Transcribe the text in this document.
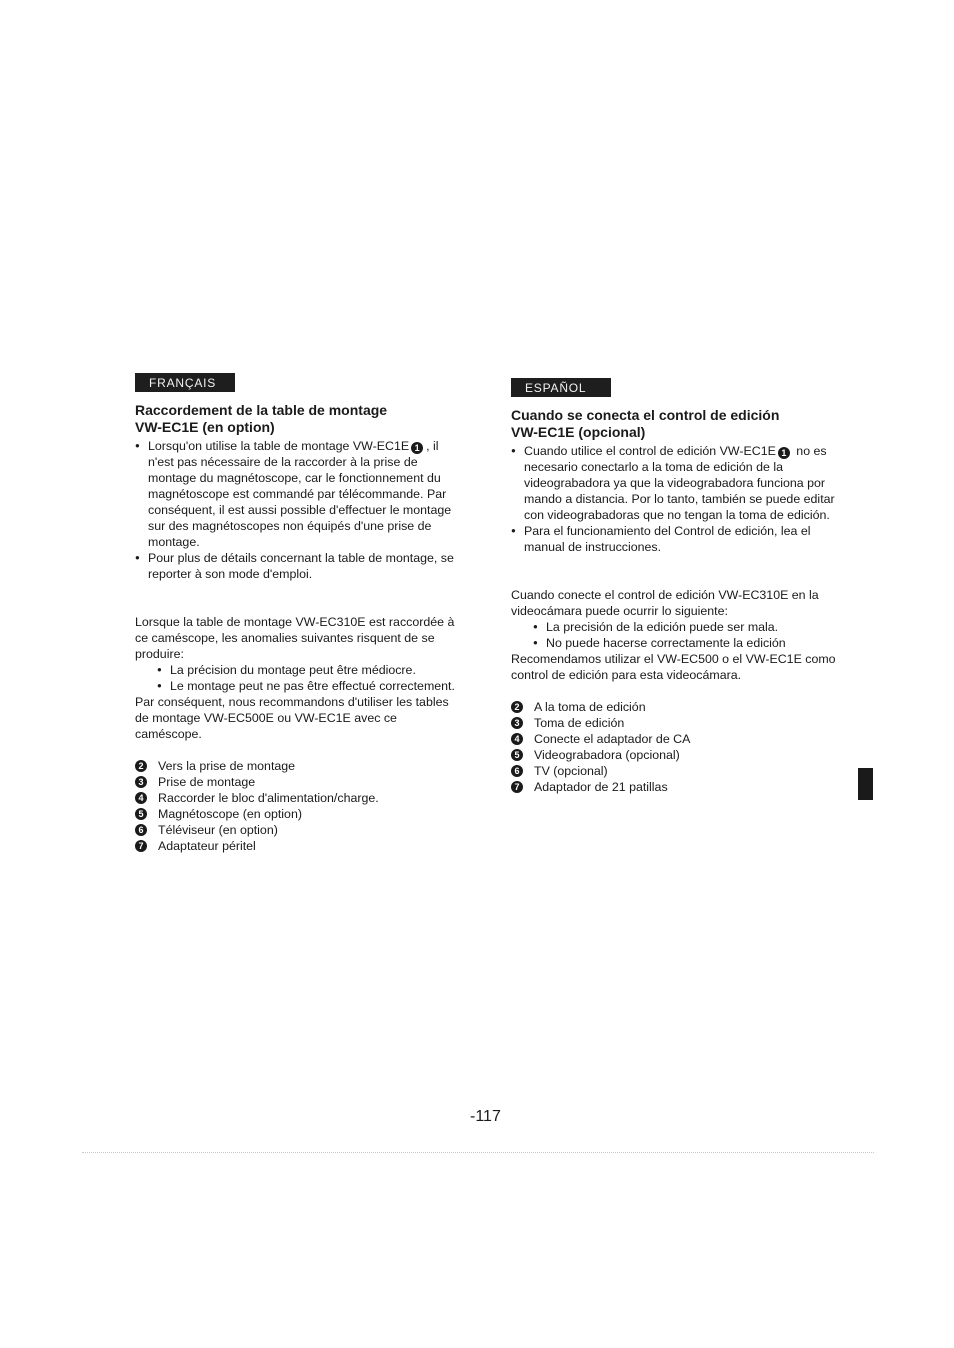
FRANÇAIS
Raccordement de la table de montage
VW-EC1E (en option)
● Lorsqu'on utilise la table de montage VW-EC1E 1 , il n'est pas nécessaire de la raccorder à la prise de montage du magnétoscope, car le fonctionnement du magnétoscope est commandé par télécommande. Par conséquent, il est aussi possible d'effectuer le montage sur des magnétoscopes non équipés d'une prise de montage.
● Pour plus de détails concernant la table de montage, se reporter à son mode d'emploi.

Lorsque la table de montage VW-EC310E est raccordée à ce caméscope, les anomalies suivantes risquent de se produire:

● La précision du montage peut être médiocre.
● Le montage peut ne pas être effectué correctement.

Par conséquent, nous recommandons d'utiliser les tables de montage VW-EC500E ou VW-EC1E avec ce caméscope.

2 Vers la prise de montage
3 Prise de montage
4 Raccorder le bloc d'alimentation/charge.
5 Magnétoscope (en option)
6 Téléviseur (en option)
7 Adaptateur péritel
ESPAÑOL
Cuando se conecta el control de edición
VW-EC1E (opcional)
● Cuando utilice el control de edición VW-EC1E 1 no es necesario conectarlo a la toma de edición de la videograbadora ya que la videograbadora funciona por mando a distancia. Por lo tanto, también se puede editar con videograbadoras que no tengan la toma de edición.
● Para el funcionamiento del Control de edición, lea el manual de instrucciones.

Cuando conecte el control de edición VW-EC310E en la videocámara puede ocurrir lo siguiente:

● La precisión de la edición puede ser mala.
● No puede hacerse correctamente la edición

Recomendamos utilizar el VW-EC500 o el VW-EC1E como control de edición para esta videocámara.

2 A la toma de edición
3 Toma de edición
4 Conecte el adaptador de CA
5 Videograbadora (opcional)
6 TV (opcional)
7 Adaptador de 21 patillas
-117
